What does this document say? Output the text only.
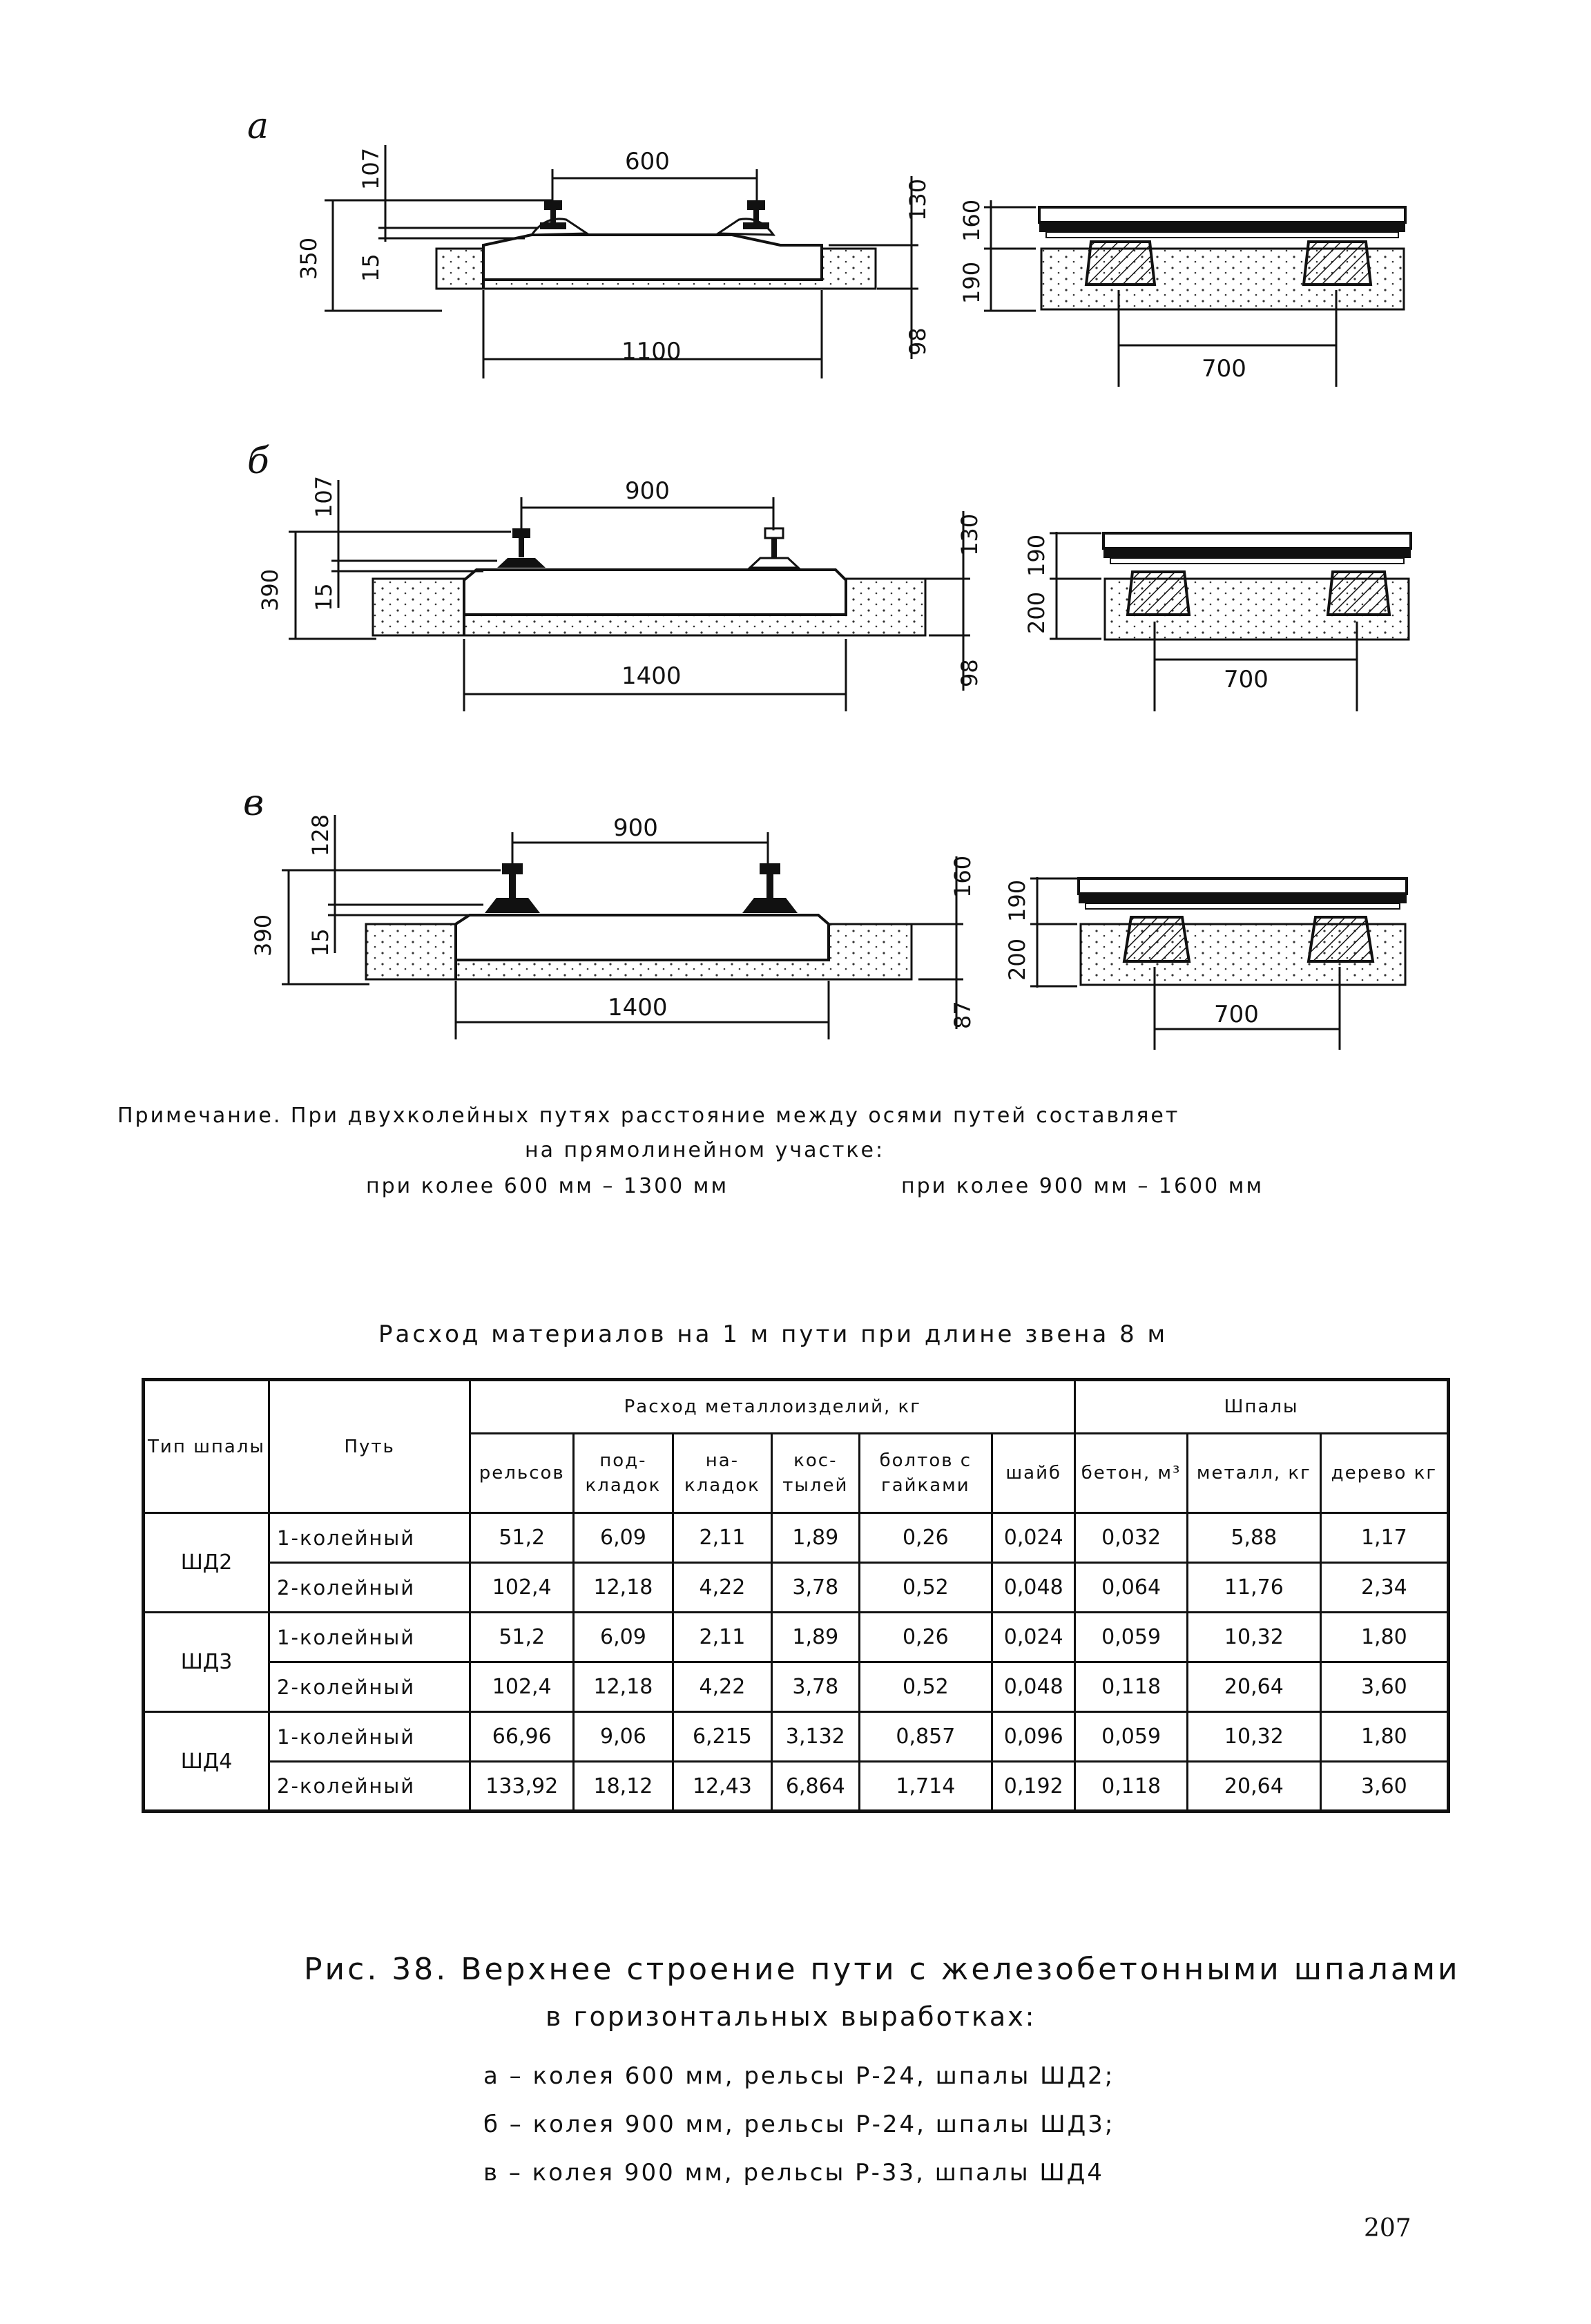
а
600
1100
350
107
15
130
98
160
190
700
б
900
1400
390
107
15
130
98
190
200
700
в
900
1400
390
128
15
160
87
190
200
700
Примечание. При двухколейных путях расстояние между осями путей составляет
на прямолинейном участке:
при колее 600 мм – 1300 мм	при колее 900 мм – 1600 мм
Расход материалов на 1 м пути при длине звена 8 м
Тип шпалы	Путь	Расход металлоизделий, кг						Шпалы		
		рельсов	под-кладок	на-кладок	кос-тылей	болтов с гайками	шайб	бетон, м³	металл, кг	дерево кг
ШД2	1-колейный	51,2	6,09	2,11	1,89	0,26	0,024	0,032	5,88	1,17
	2-колейный	102,4	12,18	4,22	3,78	0,52	0,048	0,064	11,76	2,34
ШД3	1-колейный	51,2	6,09	2,11	1,89	0,26	0,024	0,059	10,32	1,80
	2-колейный	102,4	12,18	4,22	3,78	0,52	0,048	0,118	20,64	3,60
ШД4	1-колейный	66,96	9,06	6,215	3,132	0,857	0,096	0,059	10,32	1,80
	2-колейный	133,92	18,12	12,43	6,864	1,714	0,192	0,118	20,64	3,60
Рис. 38. Верхнее строение пути с железобетонными шпалами
в горизонтальных выработках:
а – колея 600 мм, рельсы Р-24, шпалы ШД2;
б – колея 900 мм, рельсы Р-24, шпалы ШД3;
в – колея 900 мм, рельсы Р-33, шпалы ШД4
207
